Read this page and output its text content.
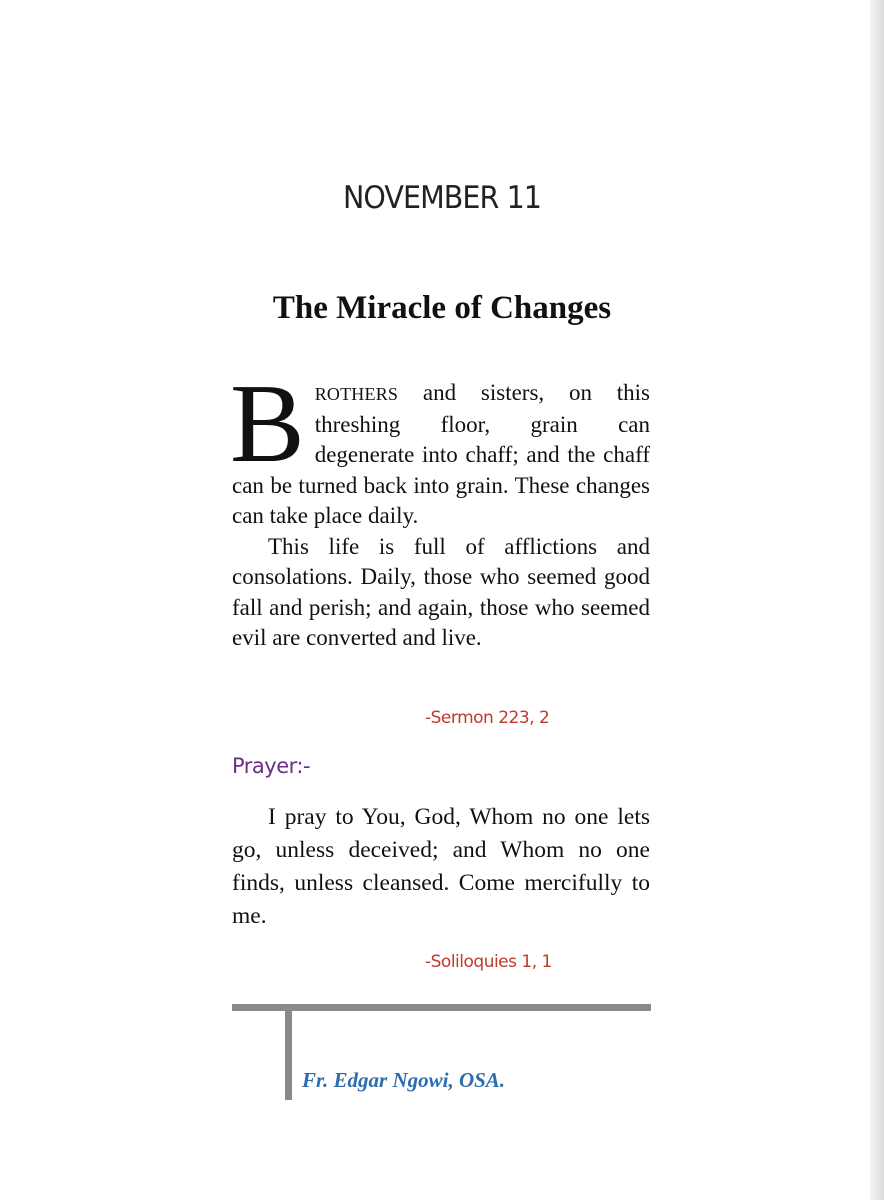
NOVEMBER 11
The Miracle of Changes

BROTHERS and sisters, on this threshing floor, grain can degenerate into chaff; and the chaff can be turned back into grain. These changes can take place daily.

This life is full of afflictions and consolations. Daily, those who seemed good fall and perish; and again, those who seemed evil are converted and live.

-Sermon 223, 2
Prayer:-

I pray to You, God, Whom no one lets go, unless deceived; and Whom no one finds, unless cleansed. Come mercifully to me.

-Soliloquies 1, 1
Fr. Edgar Ngowi, OSA.
